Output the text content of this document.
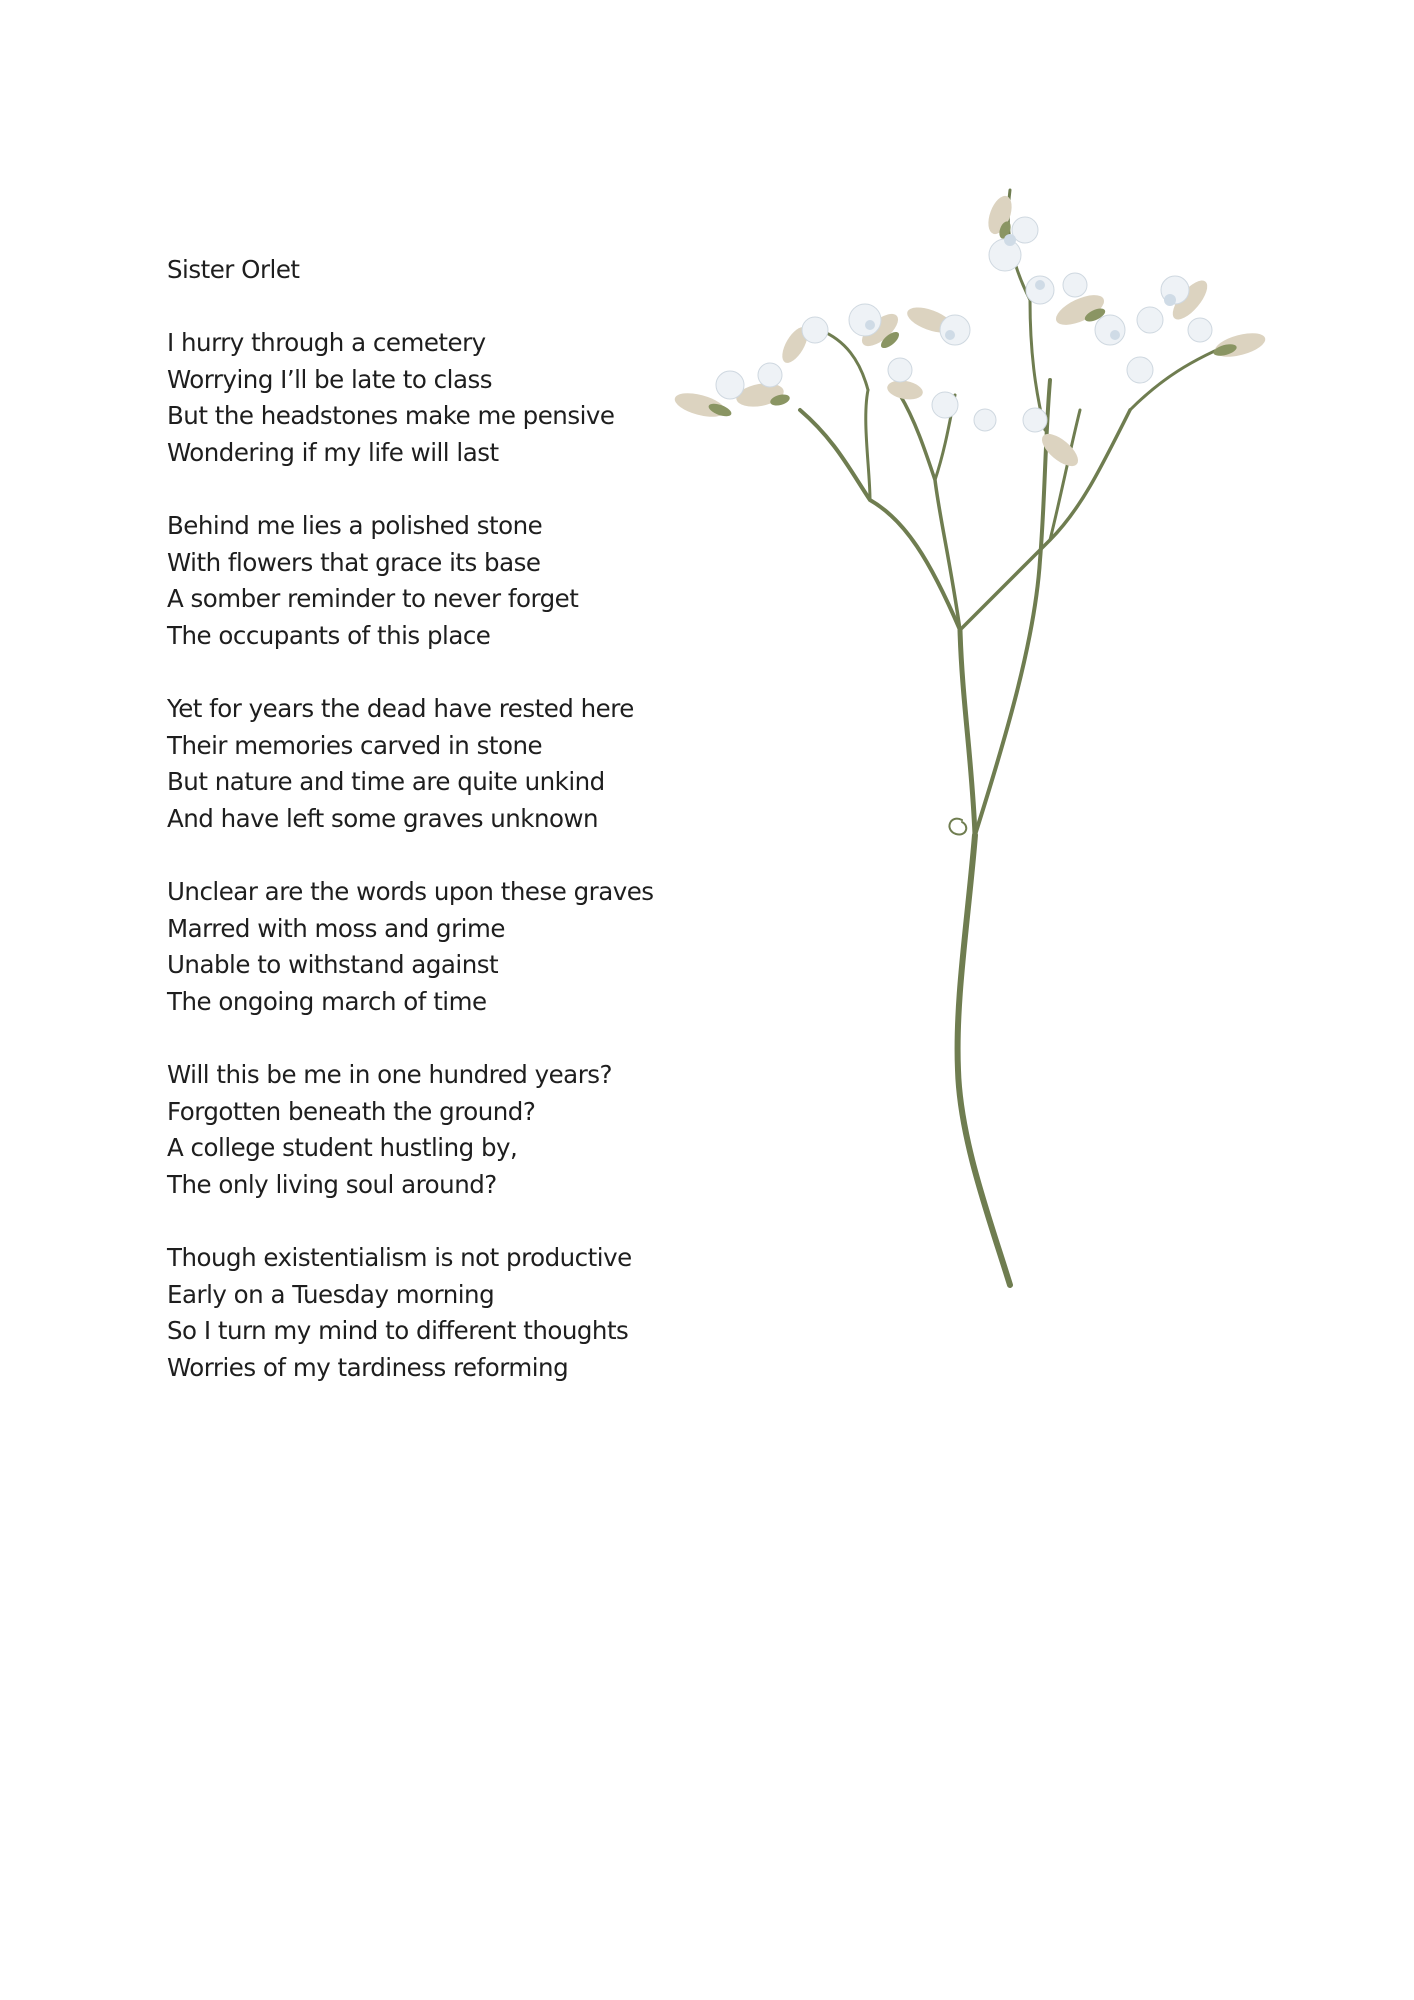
Sister Orlet
I hurry through a cemetery
Worrying I’ll be late to class
But the headstones make me pensive
Wondering if my life will last
Behind me lies a polished stone
With flowers that grace its base
A somber reminder to never forget
The occupants of this place
Yet for years the dead have rested here
Their memories carved in stone
But nature and time are quite unkind
And have left some graves unknown
Unclear are the words upon these graves
Marred with moss and grime
Unable to withstand against
The ongoing march of time
Will this be me in one hundred years?
Forgotten beneath the ground?
A college student hustling by,
The only living soul around?
Though existentialism is not productive
Early on a Tuesday morning
So I turn my mind to different thoughts
Worries of my tardiness reforming
